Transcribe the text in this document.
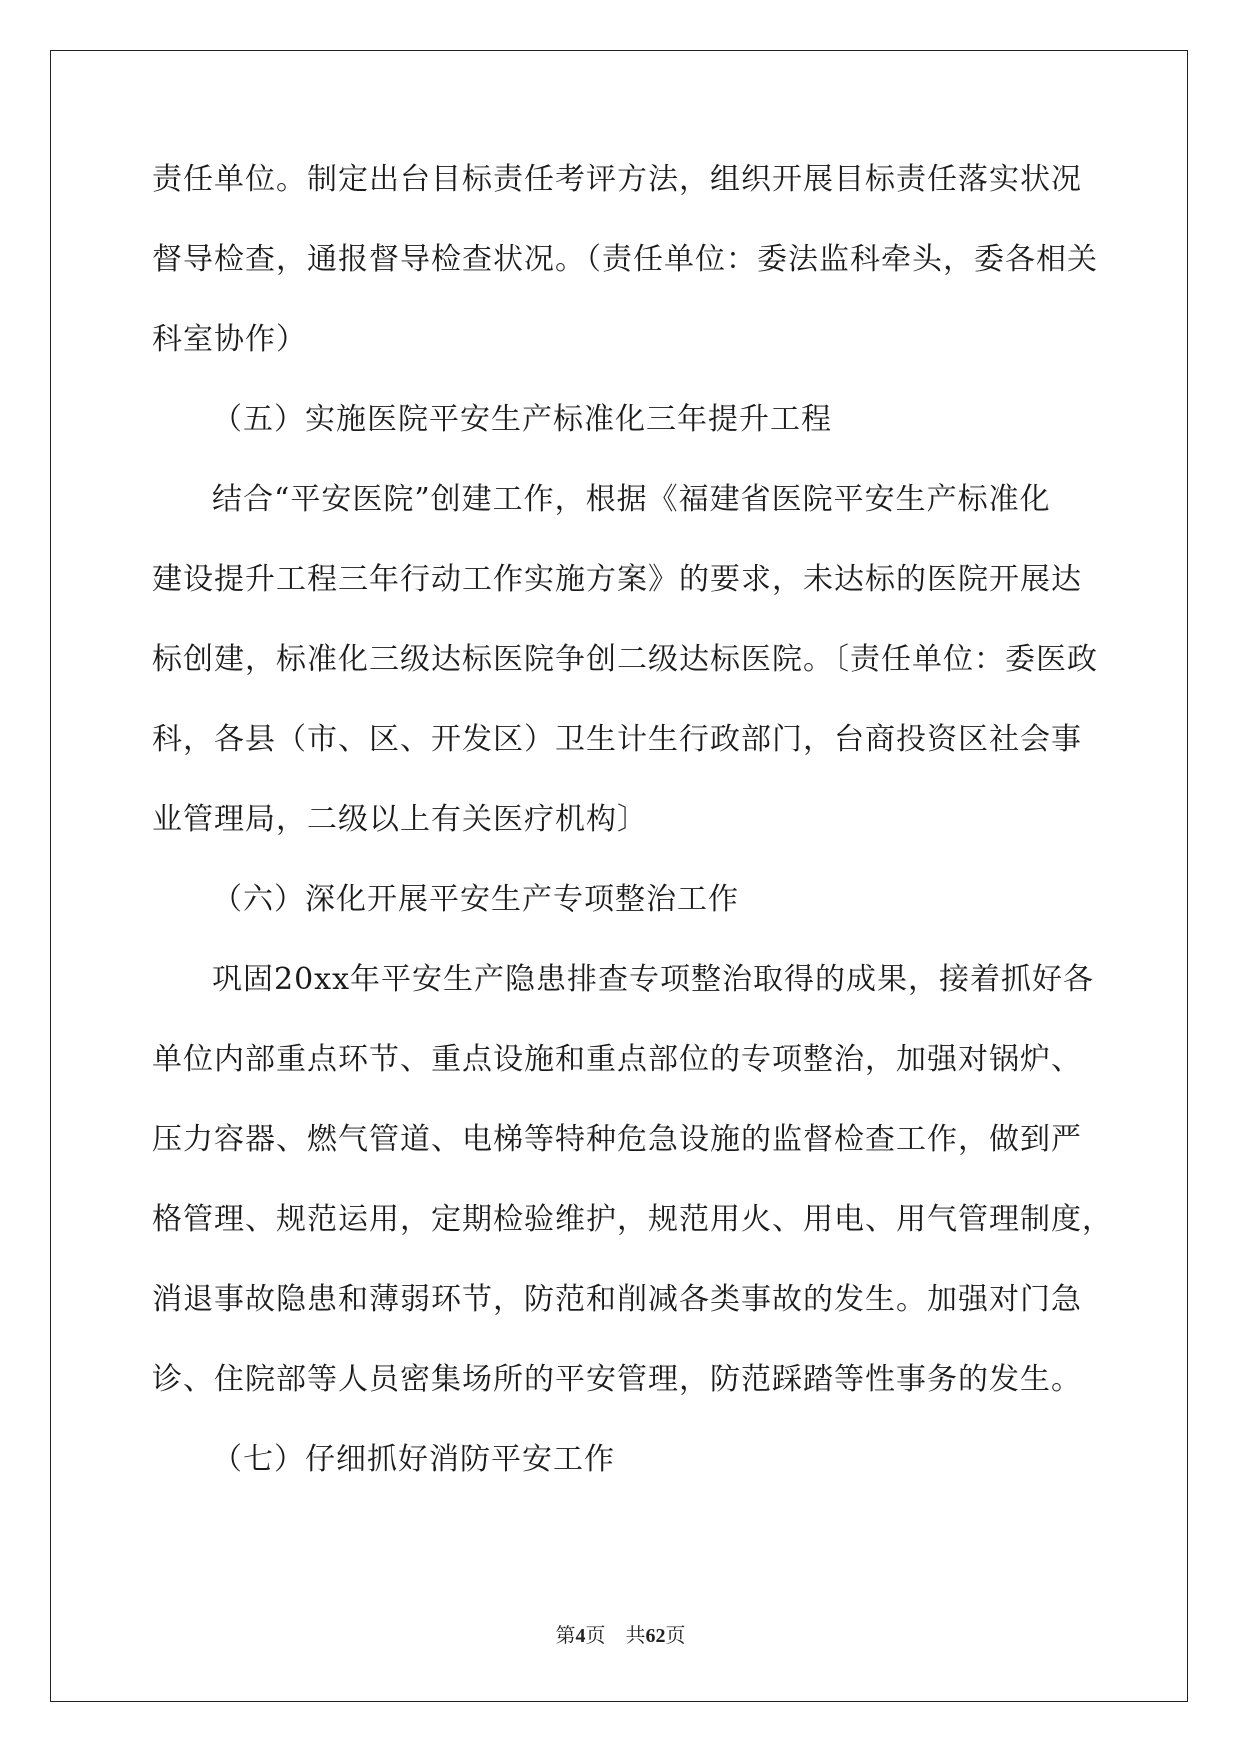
责任单位。制定出台目标责任考评方法，组织开展目标责任落实状况
督导检查，通报督导检查状况。（责任单位：委法监科牵头，委各相关
科室协作）
（五）实施医院平安生产标准化三年提升工程
结合“平安医院”创建工作，根据《福建省医院平安生产标准化
建设提升工程三年行动工作实施方案》的要求，未达标的医院开展达
标创建，标准化三级达标医院争创二级达标医院。〔责任单位：委医政
科，各县（市、区、开发区）卫生计生行政部门，台商投资区社会事
业管理局，二级以上有关医疗机构〕
（六）深化开展平安生产专项整治工作
巩固20xx年平安生产隐患排查专项整治取得的成果，接着抓好各
单位内部重点环节、重点设施和重点部位的专项整治，加强对锅炉、
压力容器、燃气管道、电梯等特种危急设施的监督检查工作，做到严
格管理、规范运用，定期检验维护，规范用火、用电、用气管理制度，
消退事故隐患和薄弱环节，防范和削减各类事故的发生。加强对门急
诊、住院部等人员密集场所的平安管理，防范踩踏等性事务的发生。
（七）仔细抓好消防平安工作
第4页 共62页
